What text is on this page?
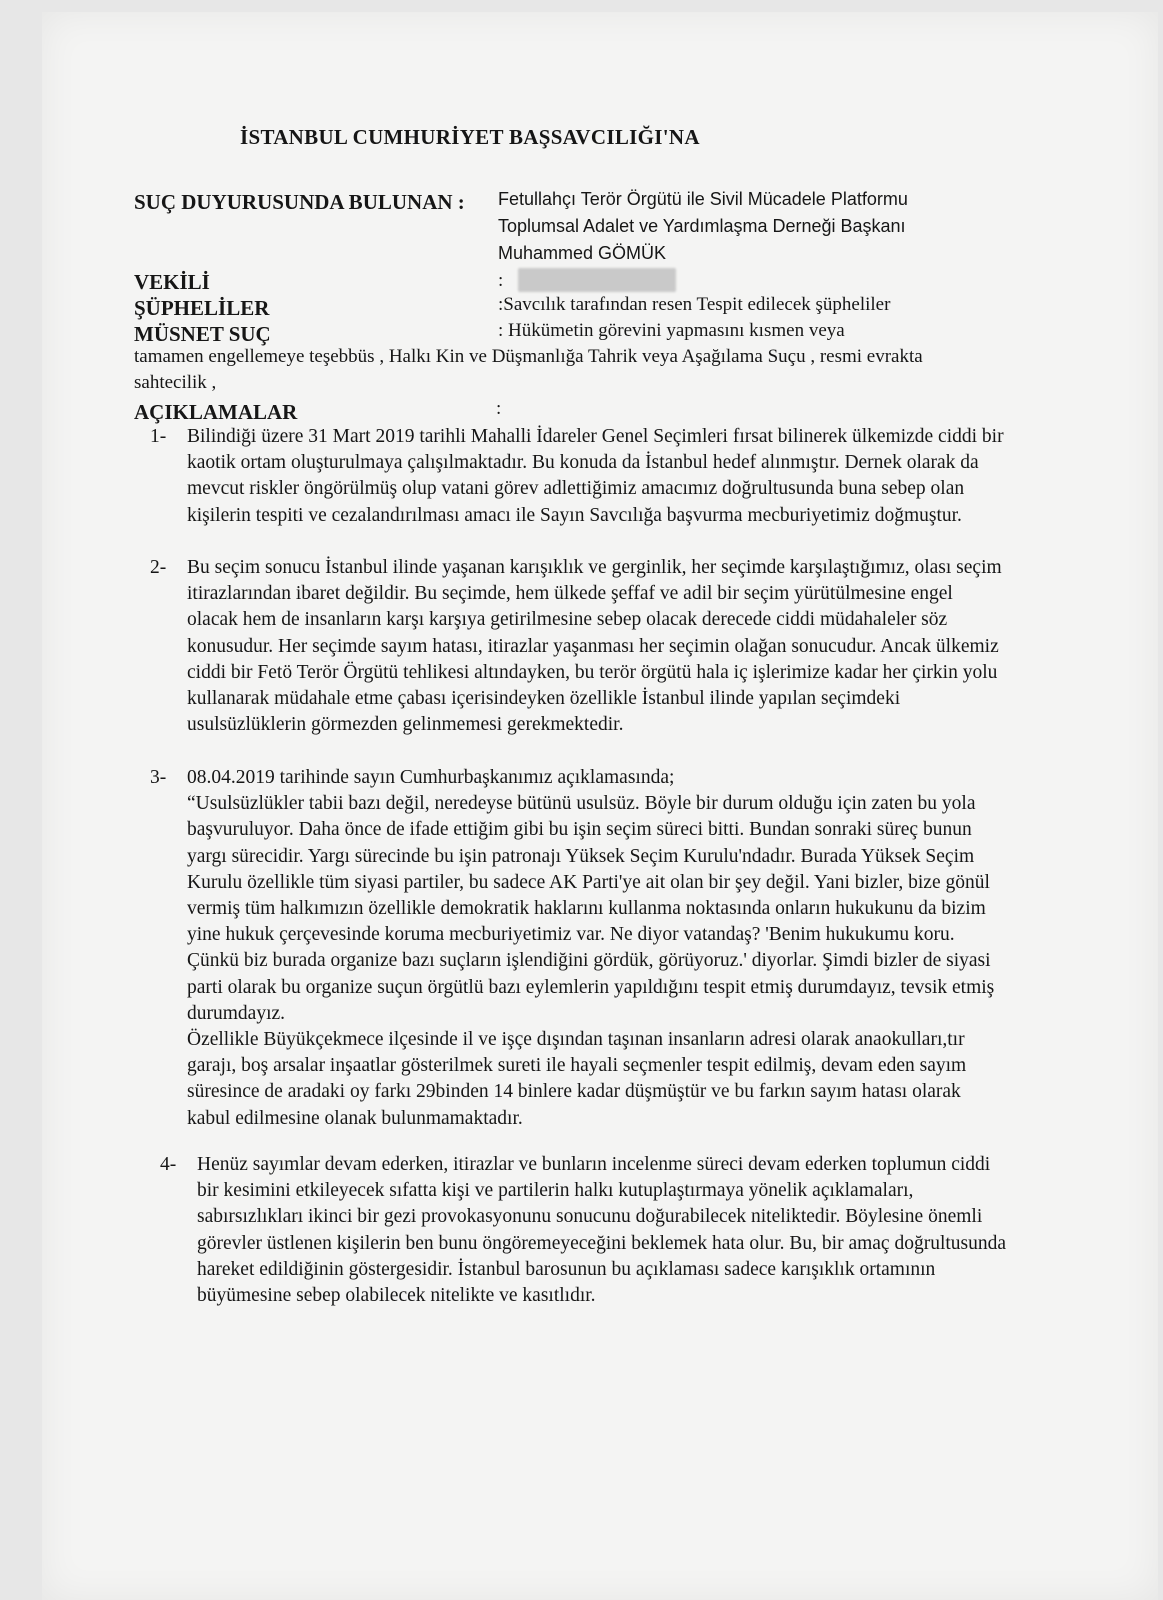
İSTANBUL CUMHURİYET BAŞSAVCILIĞI'NA
SUÇ DUYURUSUNDA BULUNAN : Fetullahçı Terör Örgütü ile Sivil Mücadele Platformu Toplumsal Adalet ve Yardımlaşma Derneği Başkanı Muhammed GÖMÜK
VEKİLİ	:
ŞÜPHELİLER	:Savcılık tarafından resen Tespit edilecek şüpheliler
MÜSNET SUÇ	: Hükümetin görevini yapmasını kısmen veya
tamamen engellemeye teşebbüs , Halkı Kin ve Düşmanlığa Tahrik veya Aşağılama Suçu , resmi evrakta sahtecilik ,
AÇIKLAMALAR	:
1- Bilindiği üzere 31 Mart 2019 tarihli Mahalli İdareler Genel Seçimleri fırsat bilinerek ülkemizde ciddi bir kaotik ortam oluşturulmaya çalışılmaktadır. Bu konuda da İstanbul hedef alınmıştır. Dernek olarak da mevcut riskler öngörülmüş olup vatani görev adlettiğimiz amacımız doğrultusunda buna sebep olan kişilerin tespiti ve cezalandırılması amacı ile Sayın Savcılığa başvurma mecburiyetimiz doğmuştur.

2- Bu seçim sonucu İstanbul ilinde yaşanan karışıklık ve gerginlik, her seçimde karşılaştığımız, olası seçim itirazlarından ibaret değildir. Bu seçimde, hem ülkede şeffaf ve adil bir seçim yürütülmesine engel olacak hem de insanların karşı karşıya getirilmesine sebep olacak derecede ciddi müdahaleler söz konusudur. Her seçimde sayım hatası, itirazlar yaşanması her seçimin olağan sonucudur. Ancak ülkemiz ciddi bir Fetö Terör Örgütü tehlikesi altındayken, bu terör örgütü hala iç işlerimize kadar her çirkin yolu kullanarak müdahale etme çabası içerisindeyken özellikle İstanbul ilinde yapılan seçimdeki usulsüzlüklerin görmezden gelinmemesi gerekmektedir.

3- 08.04.2019 tarihinde sayın Cumhurbaşkanımız açıklamasında;

“Usulsüzlükler tabii bazı değil, neredeyse bütünü usulsüz. Böyle bir durum olduğu için zaten bu yola başvuruluyor. Daha önce de ifade ettiğim gibi bu işin seçim süreci bitti. Bundan sonraki süreç bunun yargı sürecidir. Yargı sürecinde bu işin patronajı Yüksek Seçim Kurulu'ndadır. Burada Yüksek Seçim Kurulu özellikle tüm siyasi partiler, bu sadece AK Parti'ye ait olan bir şey değil. Yani bizler, bize gönül vermiş tüm halkımızın özellikle demokratik haklarını kullanma noktasında onların hukukunu da bizim yine hukuk çerçevesinde koruma mecburiyetimiz var. Ne diyor vatandaş? 'Benim hukukumu koru. Çünkü biz burada organize bazı suçların işlendiğini gördük, görüyoruz.' diyorlar. Şimdi bizler de siyasi parti olarak bu organize suçun örgütlü bazı eylemlerin yapıldığını tespit etmiş durumdayız, tevsik etmiş durumdayız.

Özellikle Büyükçekmece ilçesinde il ve işçe dışından taşınan insanların adresi olarak anaokulları,tır garajı, boş arsalar inşaatlar gösterilmek sureti ile hayali seçmenler tespit edilmiş, devam eden sayım süresince de aradaki oy farkı 29binden 14 binlere kadar düşmüştür ve bu farkın sayım hatası olarak kabul edilmesine olanak bulunmamaktadır.

4- Henüz sayımlar devam ederken, itirazlar ve bunların incelenme süreci devam ederken toplumun ciddi bir kesimini etkileyecek sıfatta kişi ve partilerin halkı kutuplaştırmaya yönelik açıklamaları, sabırsızlıkları ikinci bir gezi provokasyonunu sonucunu doğurabilecek niteliktedir. Böylesine önemli görevler üstlenen kişilerin ben bunu öngöremeyeceğini beklemek hata olur. Bu, bir amaç doğrultusunda hareket edildiğinin göstergesidir. İstanbul barosunun bu açıklaması sadece karışıklık ortamının büyümesine sebep olabilecek nitelikte ve kasıtlıdır.
